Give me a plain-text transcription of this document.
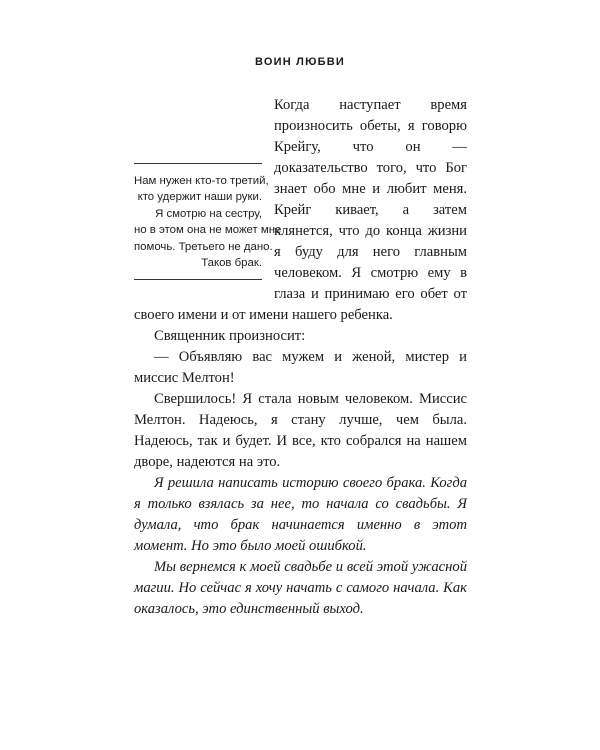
ВОИН ЛЮБВИ

Когда наступает время произносить обеты, я говорю Крейгу, что он — доказательство того, что Бог знает обо мне и любит меня. Крейг кивает, а затем клянется, что до конца жизни я буду для него главным человеком. Я смотрю ему в глаза и принимаю его обет от своего имени и от имени нашего ребенка.

Священник произносит:

— Объявляю вас мужем и женой, мистер и миссис Мелтон!

Свершилось! Я стала новым человеком. Миссис Мелтон. Надеюсь, я стану лучше, чем была. Надеюсь, так и будет. И все, кто собрался на нашем дворе, надеются на это.

Я решила написать историю своего брака. Когда я только взялась за нее, то начала со свадьбы. Я думала, что брак начинается именно в этот момент. Но это было моей ошибкой.

Мы вернемся к моей свадьбе и всей этой ужасной магии. Но сейчас я хочу начать с самого начала. Как оказалось, это единственный выход.

Нам нужен кто-то третий,
кто удержит наши руки.
Я смотрю на сестру,
но в этом она не может мне
помочь. Третьего не дано.
Таков брак.
